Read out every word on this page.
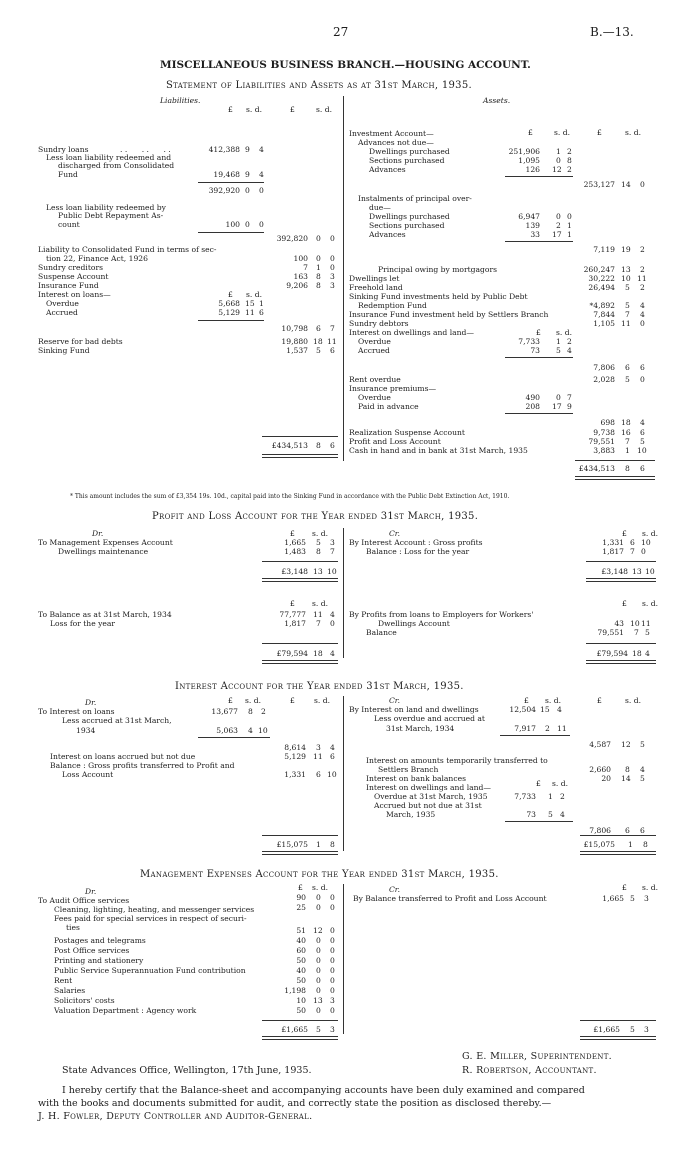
27	B.—13.
MISCELLANEOUS BUSINESS BRANCH.—HOUSING ACCOUNT.
Statement of Liabilities and Assets as at 31st March, 1935.
Liabilities.	Assets.
£ s. d.	£	s. d.
£	s. d.	£	s. d.
Sundry loans	. .      . .      . .	412,388 9 4
Less loan liability redeemed and
discharged from Consolidated
Fund	19,468 9 4
392,920 0 0
Less loan liability redeemed by
Public Debt Repayment As-
count	100 0 0
392,820 0 0
Liability to Consolidated Fund in terms of sec-
tion 22, Finance Act, 1926	100 0 0
Sundry creditors	7 1 0
Suspense Account	163 8 3
Insurance Fund	9,206 8 3
Interest on loans—	£ s. d.
Overdue	5,668 15 1
Accrued	5,129 11 6
10,798 6 7
Reserve for bad debts	19,880 18 11
Sinking Fund	1,537 5 6
£434,513 8 6
Investment Account—
Advances not due—
Dwellings purchased	251,906 1 2
Sections purchased	1,095 0 8
Advances	126 12 2
253,127 14 0
Instalments of principal over-
due—
Dwellings purchased	6,947 0 0
Sections purchased	139 2 1
Advances	33 17 1
7,119 19 2
Principal owing by mortgagors	260,247 13 2
Dwellings let	30,222 10 11
Freehold land	26,494 5 2
Sinking Fund investments held by Public Debt
Redemption Fund	*4,892 5 4
Insurance Fund investment held by Settlers Branch	7,844 7 4
Sundry debtors	1,105 11 0
Interest on dwellings and land—	£ s. d.
Overdue	7,733 1 2
Accrued	73 5 4
7,806 6 6
Rent overdue	2,028 5 0
Insurance premiums—
Overdue	490 0 7
Paid in advance	208 17 9
698 18 4
Realization Suspense Account	9,738 16 6
Profit and Loss Account	79,551 7 5
Cash in hand and in bank at 31st March, 1935	3,883 1 10
£434,513 8 6
* This amount includes the sum of £3,354 19s. 10d., capital paid into the Sinking Fund in accordance with the Public Debt Extinction Act, 1910.
Profit and Loss Account for the Year ended 31st March, 1935.
Dr.	Cr.
£ s. d.	£ s. d.
To Management Expenses Account	1,665 5 3
Dwellings maintenance	1,483 8 7
£3,148 13 10
By Interest Account : Gross profits	1,331 6 10
Balance : Loss for the year	1,817 7 0
£3,148 13 10
£ s. d.	£ s. d.
To Balance as at 31st March, 1934	77,777 11 4
Loss for the year	1,817 7 0
£79,594 18 4
By Profits from loans to Employers for Workers'
Dwellings Account	43 10 11
Balance	79,551 7 5
£79,594 18 4
Interest Account for the Year ended 31st March, 1935.
Dr.	£ s. d.	£	s. d.	Cr.	£ s. d.	£	s. d.
To Interest on loans	13,677 8 2
Less accrued at 31st March,
1934	5,063 4 10
8,614 3 4
Interest on loans accrued but not due	5,129 11 6
Balance : Gross profits transferred to Profit and
Loss Account	1,331 6 10
£15,075 1 8
By Interest on land and dwellings	12,504 15 4
Less overdue and accrued at
31st March, 1934	7,917 2 11
4,587 12 5
Interest on amounts temporarily transferred to
Settlers Branch	2,660 8 4
Interest on bank balances	20 14 5
Interest on dwellings and land—	£ s. d.
Overdue at 31st March, 1935	7,733 1 2
Accrued but not due at 31st
March, 1935	73 5 4
7,806 6 6
£15,075 1 8
Management Expenses Account for the Year ended 31st March, 1935.
£ s. d.	£ s. d.
Dr.	Cr.
To Audit Office services	90 0 0
Cleaning, lighting, heating, and messenger services	25 0 0
Fees paid for special services in respect of securi-
ties	51 12 0
Postages and telegrams	40 0 0
Post Office services	60 0 0
Printing and stationery	50 0 0
Public Service Superannuation Fund contribution	40 0 0
Rent	50 0 0
Salaries	1,198 0 0
Solicitors' costs	10 13 3
Valuation Department : Agency work	50 0 0
£1,665 5 3
By Balance transferred to Profit and Loss Account	1,665 5 3
£1,665 5 3
G. E. Miller, Superintendent.
State Advances Office, Wellington, 17th June, 1935.	R. Robertson, Accountant.
I hereby certify that the Balance-sheet and accompanying accounts have been duly examined and compared
with the books and documents submitted for audit, and correctly state the position as disclosed thereby.—
J. H. Fowler, Deputy Controller and Auditor-General.
